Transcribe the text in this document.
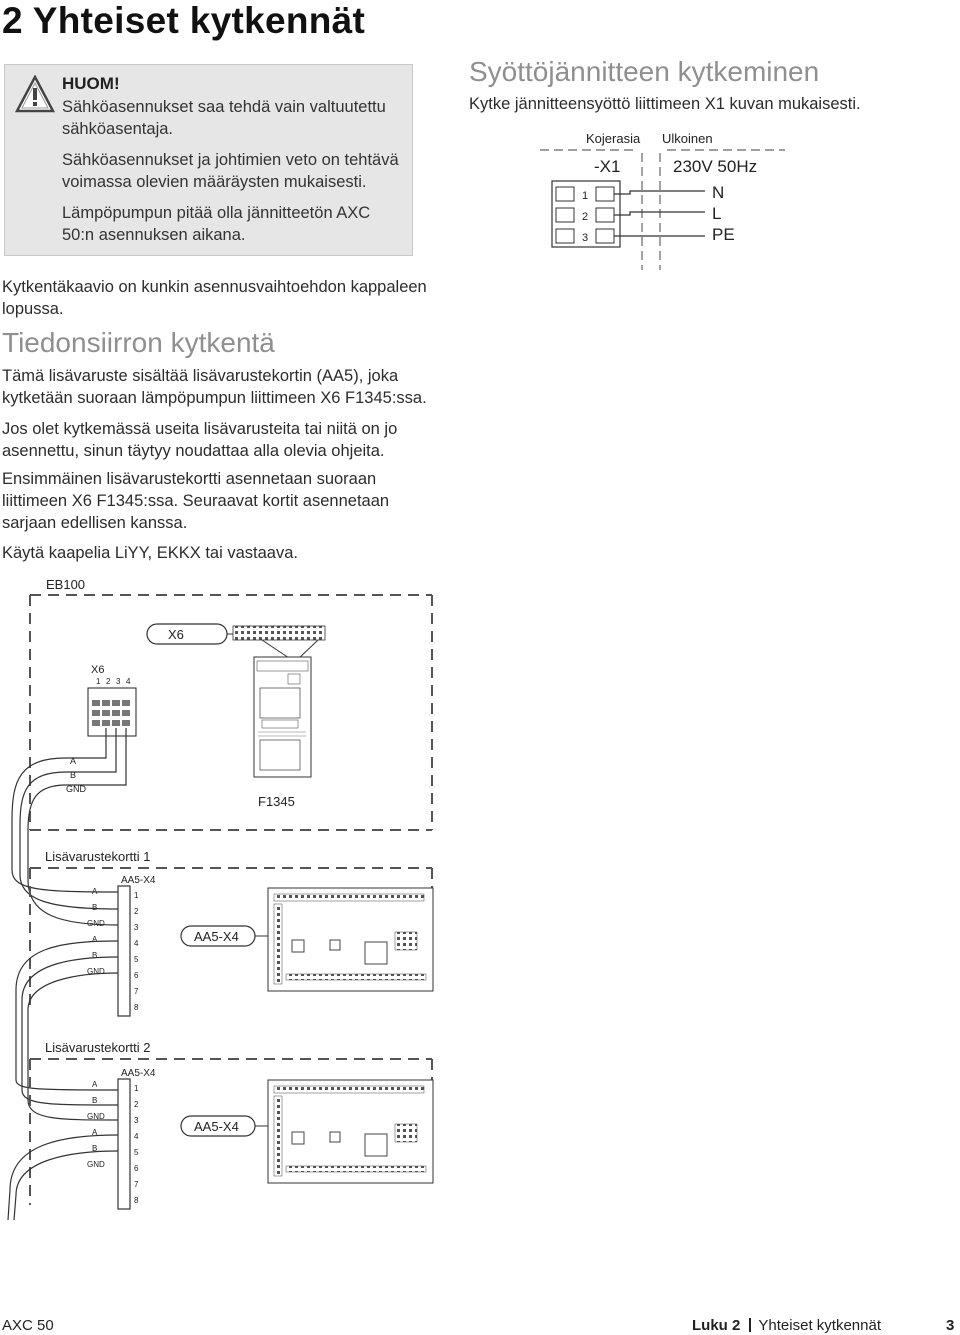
2 Yhteiset kytkennät
HUOM!
Sähköasennukset saa tehdä vain valtuutettu sähköasentaja.
Sähköasennukset ja johtimien veto on tehtävä voimassa olevien määräysten mukaisesti.
Lämpöpumpun pitää olla jännitteetön AXC 50:n asennuksen aikana.
Syöttöjännitteen kytkeminen
Kytke jännitteensyöttö liittimeen X1 kuvan mukaisesti.
Kojerasia Ulkoinen
-X1	230V 50Hz
1
2
3
N
L
PE
Kytkentäkaavio on kunkin asennusvaihtoehdon kappaleen lopussa.
Tiedonsiirron kytkentä
Tämä lisävaruste sisältää lisävarustekortin (AA5), joka kytketään suoraan lämpöpumpun liittimeen X6 F1345:ssa.
Jos olet kytkemässä useita lisävarusteita tai niitä on jo asennettu, sinun täytyy noudattaa alla olevia ohjeita.
Ensimmäinen lisävarustekortti asennetaan suoraan liittimeen X6 F1345:ssa. Seuraavat kortit asennetaan sarjaan edellisen kanssa.
Käytä kaapelia LiYY, EKKX tai vastaava.
EB100
X6
F1345
X6
1 2 3 4
A
B
GND
Lisävarustekortti 1
AA5-X4
A
B
GND
A
B
GND
1
2
3
4
5
6
7
8
AA5-X4
Lisävarustekortti 2
AA5-X4
A
B
GND
A
B
GND
1
2
3
4
5
6
7
8
AA5-X4
AXC 50	Luku 2 Yhteiset kytkennät	3
